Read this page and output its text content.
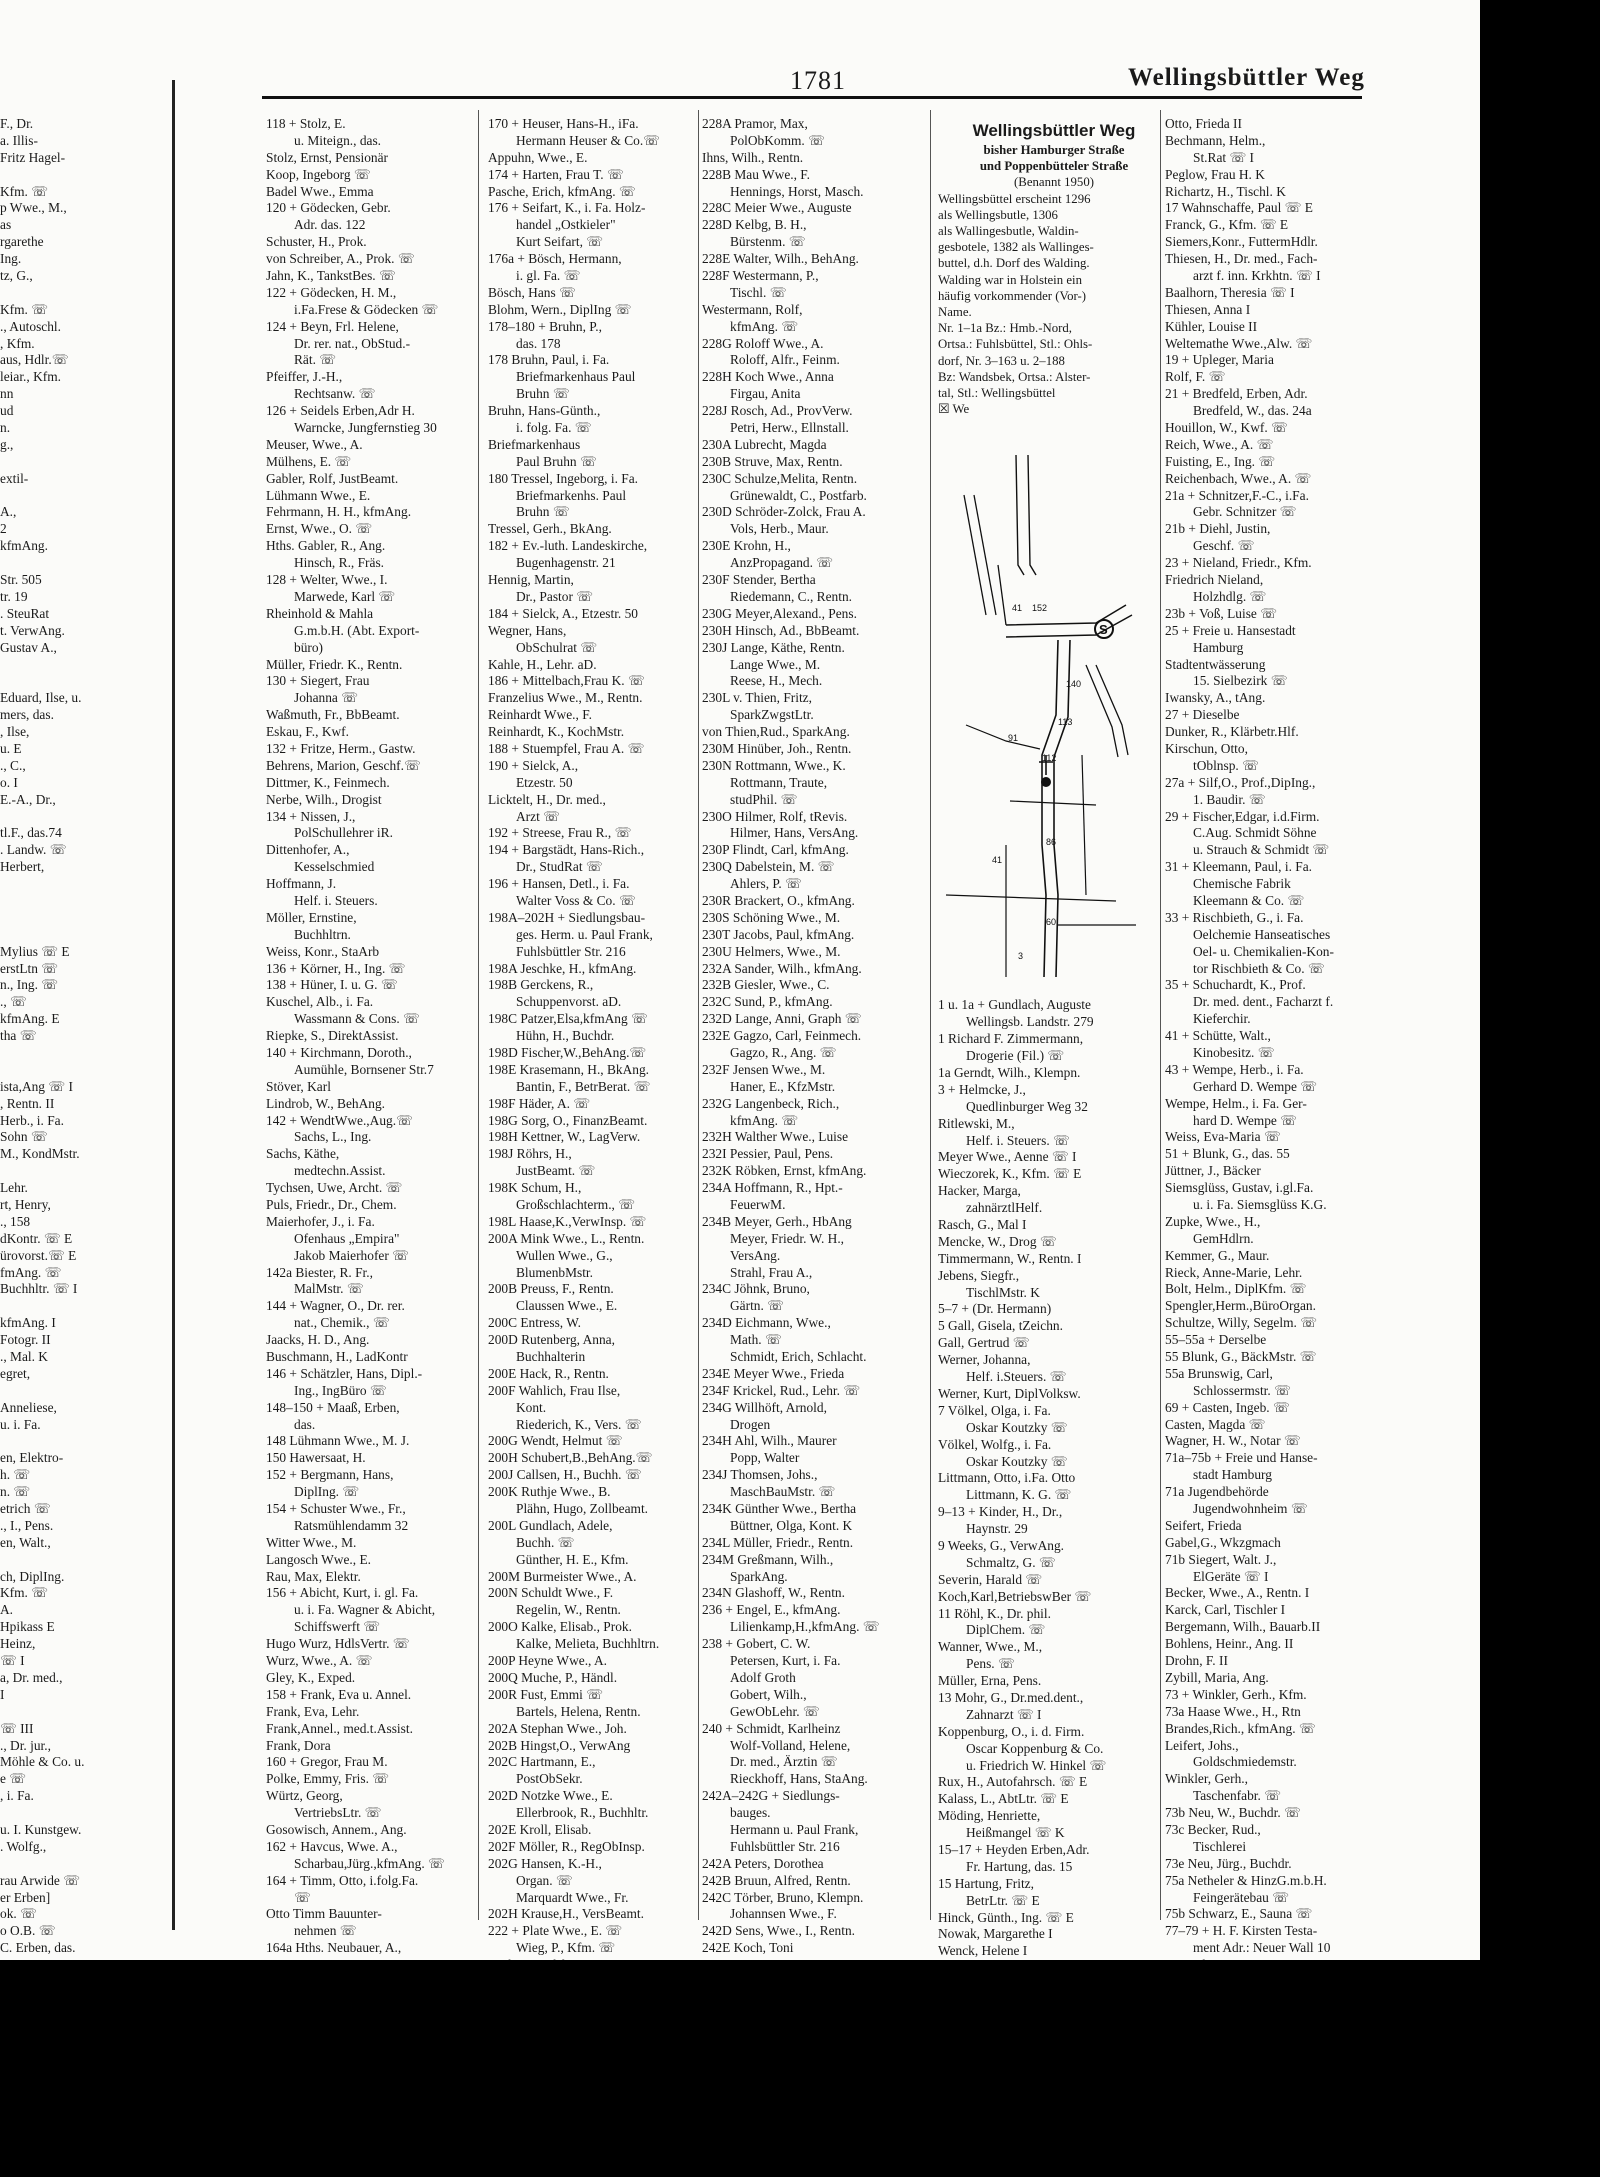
1781	Wellingsbüttler Weg
F., Dr.
a. Illis-
Fritz Hagel-
Kfm. ☏
p Wwe., M.,
as
rgarethe
Ing.
tz, G.,
Kfm. ☏
., Autoschl.
, Kfm.
aus, Hdlr.☏
leiar., Kfm.
nn
ud
n.
g.,
extil-
A.,
2
kfmAng.
Str. 505
tr. 19
. SteuRat
t. VerwAng.
Gustav A.,
Eduard, Ilse, u.
mers, das.
, Ilse,
u. E
., C.,
o. I
E.-A., Dr.,
tl.F., das.74
. Landw. ☏
Herbert,
Mylius ☏ E
erstLtn ☏
n., Ing. ☏
., ☏
kfmAng. E
tha ☏
ista,Ang ☏ I
, Rentn. II
Herb., i. Fa.
Sohn ☏
M., KondMstr.
Lehr.
rt, Henry,
., 158
dKontr. ☏ E
ürovorst.☏ E
fmAng. ☏
Buchhltr. ☏ I
kfmAng. I
Fotogr. II
., Mal. K
egret,
Anneliese,
u. i. Fa.
en, Elektro-
h. ☏
n. ☏
etrich ☏
., I., Pens.
en, Walt.,
ch, DiplIng.
Kfm. ☏
A.
Hpikass E
Heinz,
☏ I
a, Dr. med.,
I
☏ III
., Dr. jur.,
Möhle & Co. u.
e ☏
, i. Fa.
u. I. Kunstgew.
. Wolfg.,
rau Arwide ☏
er Erben]
ok. ☏
o O.B. ☏
C. Erben, das.
118 + Stolz, E.
u. Miteign., das.
Stolz, Ernst, Pensionär
Koop, Ingeborg ☏
Badel Wwe., Emma
120 + Gödecken, Gebr.
Adr. das. 122
Schuster, H., Prok.
von Schreiber, A., Prok. ☏
Jahn, K., TankstBes. ☏
122 + Gödecken, H. M.,
i.Fa.Frese & Gödecken ☏
124 + Beyn, Frl. Helene,
Dr. rer. nat., ObStud.-
Rät. ☏
Pfeiffer, J.-H.,
Rechtsanw. ☏
126 + Seidels Erben,Adr H.
Warncke, Jungfernstieg 30
Meuser, Wwe., A.
Mülhens, E. ☏
Gabler, Rolf, JustBeamt.
Lühmann Wwe., E.
Fehrmann, H. H., kfmAng.
Ernst, Wwe., O. ☏
Hths. Gabler, R., Ang.
Hinsch, R., Fräs.
128 + Welter, Wwe., I.
Marwede, Karl ☏
Rheinhold & Mahla
G.m.b.H. (Abt. Export-
büro)
Müller, Friedr. K., Rentn.
130 + Siegert, Frau
Johanna ☏
Waßmuth, Fr., BbBeamt.
Eskau, F., Kwf.
132 + Fritze, Herm., Gastw.
Behrens, Marion, Geschf.☏
Dittmer, K., Feinmech.
Nerbe, Wilh., Drogist
134 + Nissen, J.,
PolSchullehrer iR.
Dittenhofer, A.,
Kesselschmied
Hoffmann, J.
Helf. i. Steuers.
Möller, Ernstine,
Buchhltrn.
Weiss, Konr., StaArb
136 + Körner, H., Ing. ☏
138 + Hüner, I. u. G. ☏
Kuschel, Alb., i. Fa.
Wassmann & Cons. ☏
Riepke, S., DirektAssist.
140 + Kirchmann, Doroth.,
Aumühle, Bornsener Str.7
Stöver, Karl
Lindrob, W., BehAng.
142 + WendtWwe.,Aug.☏
Sachs, L., Ing.
Sachs, Käthe,
medtechn.Assist.
Tychsen, Uwe, Archt. ☏
Puls, Friedr., Dr., Chem.
Maierhofer, J., i. Fa.
Ofenhaus „Empira"
Jakob Maierhofer ☏
142a Biester, R. Fr.,
MalMstr. ☏
144 + Wagner, O., Dr. rer.
nat., Chemik., ☏
Jaacks, H. D., Ang.
Buschmann, H., LadKontr
146 + Schätzler, Hans, Dipl.-
Ing., IngBüro ☏
148–150 + Maaß, Erben,
das.
148 Lühmann Wwe., M. J.
150 Hawersaat, H.
152 + Bergmann, Hans,
DiplIng. ☏
154 + Schuster Wwe., Fr.,
Ratsmühlendamm 32
Witter Wwe., M.
Langosch Wwe., E.
Rau, Max, Elektr.
156 + Abicht, Kurt, i. gl. Fa.
u. i. Fa. Wagner & Abicht,
Schiffswerft ☏
Hugo Wurz, HdlsVertr. ☏
Wurz, Wwe., A. ☏
Gley, K., Exped.
158 + Frank, Eva u. Annel.
Frank, Eva, Lehr.
Frank,Annel., med.t.Assist.
Frank, Dora
160 + Gregor, Frau M.
Polke, Emmy, Fris. ☏
Würtz, Georg,
VertriebsLtr. ☏
Gosowisch, Annem., Ang.
162 + Havcus, Wwe. A.,
Scharbau,Jürg.,kfmAng. ☏
164 + Timm, Otto, i.folg.Fa.
☏
Otto Timm Bauunter-
nehmen ☏
164a Hths. Neubauer, A.,
170 + Heuser, Hans-H., iFa.
Hermann Heuser & Co.☏
Appuhn, Wwe., E.
174 + Harten, Frau T. ☏
Pasche, Erich, kfmAng. ☏
176 + Seifart, K., i. Fa. Holz-
handel „Ostkieler"
Kurt Seifart, ☏
176a + Bösch, Hermann,
i. gl. Fa. ☏
Bösch, Hans ☏
Blohm, Wern., DiplIng ☏
178–180 + Bruhn, P.,
das. 178
178 Bruhn, Paul, i. Fa.
Briefmarkenhaus Paul
Bruhn ☏
Bruhn, Hans-Günth.,
i. folg. Fa. ☏
Briefmarkenhaus
Paul Bruhn ☏
180 Tressel, Ingeborg, i. Fa.
Briefmarkenhs. Paul
Bruhn ☏
Tressel, Gerh., BkAng.
182 + Ev.-luth. Landeskirche,
Bugenhagenstr. 21
Hennig, Martin,
Dr., Pastor ☏
184 + Sielck, A., Etzestr. 50
Wegner, Hans,
ObSchulrat ☏
Kahle, H., Lehr. aD.
186 + Mittelbach,Frau K. ☏
Franzelius Wwe., M., Rentn.
Reinhardt Wwe., F.
Reinhardt, K., KochMstr.
188 + Stuempfel, Frau A. ☏
190 + Sielck, A.,
Etzestr. 50
Licktelt, H., Dr. med.,
Arzt ☏
192 + Streese, Frau R., ☏
194 + Bargstädt, Hans-Rich.,
Dr., StudRat ☏
196 + Hansen, Detl., i. Fa.
Walter Voss & Co. ☏
198A–202H + Siedlungsbau-
ges. Herm. u. Paul Frank,
Fuhlsbüttler Str. 216
198A Jeschke, H., kfmAng.
198B Gerckens, R.,
Schuppenvorst. aD.
198C Patzer,Elsa,kfmAng ☏
Hühn, H., Buchdr.
198D Fischer,W.,BehAng.☏
198E Krasemann, H., BkAng.
Bantin, F., BetrBerat. ☏
198F Häder, A. ☏
198G Sorg, O., FinanzBeamt.
198H Kettner, W., LagVerw.
198J Röhrs, H.,
JustBeamt. ☏
198K Schum, H.,
Großschlachterm., ☏
198L Haase,K.,VerwInsp. ☏
200A Mink Wwe., L., Rentn.
Wullen Wwe., G.,
BlumenbMstr.
200B Preuss, F., Rentn.
Claussen Wwe., E.
200C Entress, W.
200D Rutenberg, Anna,
Buchhalterin
200E Hack, R., Rentn.
200F Wahlich, Frau Ilse,
Kont.
Riederich, K., Vers. ☏
200G Wendt, Helmut ☏
200H Schubert,B.,BehAng.☏
200J Callsen, H., Buchh. ☏
200K Ruthje Wwe., B.
Plähn, Hugo, Zollbeamt.
200L Gundlach, Adele,
Buchh. ☏
Günther, H. E., Kfm.
200M Burmeister Wwe., A.
200N Schuldt Wwe., F.
Regelin, W., Rentn.
200O Kalke, Elisab., Prok.
Kalke, Melieta, Buchhltrn.
200P Heyne Wwe., A.
200Q Muche, P., Händl.
200R Fust, Emmi ☏
Bartels, Helena, Rentn.
202A Stephan Wwe., Joh.
202B Hingst,O., VerwAng
202C Hartmann, E.,
PostObSekr.
202D Notzke Wwe., E.
Ellerbrook, R., Buchhltr.
202E Kroll, Elisab.
202F Möller, R., RegObInsp.
202G Hansen, K.-H.,
Organ. ☏
Marquardt Wwe., Fr.
202H Krause,H., VersBeamt.
222 + Plate Wwe., E. ☏
Wieg, P., Kfm. ☏
228A Pramor, Max,
PolObKomm. ☏
Ihns, Wilh., Rentn.
228B Mau Wwe., F.
Hennings, Horst, Masch.
228C Meier Wwe., Auguste
228D Kelbg, B. H.,
Bürstenm. ☏
228E Walter, Wilh., BehAng.
228F Westermann, P.,
Tischl. ☏
Westermann, Rolf,
kfmAng. ☏
228G Roloff Wwe., A.
Roloff, Alfr., Feinm.
228H Koch Wwe., Anna
Firgau, Anita
228J Rosch, Ad., ProvVerw.
Petri, Herw., Ellnstall.
230A Lubrecht, Magda
230B Struve, Max, Rentn.
230C Schulze,Melita, Rentn.
Grünewaldt, C., Postfarb.
230D Schröder-Zolck, Frau A.
Vols, Herb., Maur.
230E Krohn, H.,
AnzPropagand. ☏
230F Stender, Bertha
Riedemann, C., Rentn.
230G Meyer,Alexand., Pens.
230H Hinsch, Ad., BbBeamt.
230J Lange, Käthe, Rentn.
Lange Wwe., M.
Reese, H., Mech.
230L v. Thien, Fritz,
SparkZwgstLtr.
von Thien,Rud., SparkAng.
230M Hinüber, Joh., Rentn.
230N Rottmann, Wwe., K.
Rottmann, Traute,
studPhil. ☏
230O Hilmer, Rolf, tRevis.
Hilmer, Hans, VersAng.
230P Flindt, Carl, kfmAng.
230Q Dabelstein, M. ☏
Ahlers, P. ☏
230R Brackert, O., kfmAng.
230S Schöning Wwe., M.
230T Jacobs, Paul, kfmAng.
230U Helmers, Wwe., M.
232A Sander, Wilh., kfmAng.
232B Giesler, Wwe., C.
232C Sund, P., kfmAng.
232D Lange, Anni, Graph ☏
232E Gagzo, Carl, Feinmech.
Gagzo, R., Ang. ☏
232F Jensen Wwe., M.
Haner, E., KfzMstr.
232G Langenbeck, Rich.,
kfmAng. ☏
232H Walther Wwe., Luise
232I Pessier, Paul, Pens.
232K Röbken, Ernst, kfmAng.
234A Hoffmann, R., Hpt.-
FeuerwM.
234B Meyer, Gerh., HbAng
Meyer, Friedr. W. H.,
VersAng.
Strahl, Frau A.,
234C Jöhnk, Bruno,
Gärtn. ☏
234D Eichmann, Wwe.,
Math. ☏
Schmidt, Erich, Schlacht.
234E Meyer Wwe., Frieda
234F Krickel, Rud., Lehr. ☏
234G Willhöft, Arnold,
Drogen
234H Ahl, Wilh., Maurer
Popp, Walter
234J Thomsen, Johs.,
MaschBauMstr. ☏
234K Günther Wwe., Bertha
Büttner, Olga, Kont. K
234L Müller, Friedr., Rentn.
234M Greßmann, Wilh.,
SparkAng.
234N Glashoff, W., Rentn.
236 + Engel, E., kfmAng.
Lilienkamp,H.,kfmAng. ☏
238 + Gobert, C. W.
Petersen, Kurt, i. Fa.
Adolf Groth
Gobert, Wilh.,
GewObLehr. ☏
240 + Schmidt, Karlheinz
Wolf-Volland, Helene,
Dr. med., Ärztin ☏
Rieckhoff, Hans, StaAng.
242A–242G + Siedlungs-
bauges.
Hermann u. Paul Frank,
Fuhlsbüttler Str. 216
242A Peters, Dorothea
242B Bruun, Alfred, Rentn.
242C Törber, Bruno, Klempn.
Johannsen Wwe., F.
242D Sens, Wwe., I., Rentn.
242E Koch, Toni
Wellingsbüttler Weg
bisher Hamburger Straße
und Poppenbütteler Straße
(Benannt 1950)
Wellingsbüttel erscheint 1296
als Wellingsbutle, 1306
als Wallingesbutle, Waldin-
gesbotele, 1382 als Wallinges-
buttel, d.h. Dorf des Walding.
Walding war in Holstein ein
häufig vorkommender (Vor-)
Name.
Nr. 1–1a Bz.: Hmb.-Nord,
Ortsa.: Fuhlsbüttel, Stl.: Ohls-
dorf, Nr. 3–163 u. 2–188
Bz: Wandsbek, Ortsa.: Alster-
tal, Stl.: Wellingsbüttel
☒ We
S
41 152
140
113
112
86
60
41
3
91
1 u. 1a + Gundlach, Auguste
Wellingsb. Landstr. 279
1 Richard F. Zimmermann,
Drogerie (Fil.) ☏
1a Gerndt, Wilh., Klempn.
3 + Helmcke, J.,
Quedlinburger Weg 32
Ritlewski, M.,
Helf. i. Steuers. ☏
Meyer Wwe., Aenne ☏ I
Wieczorek, K., Kfm. ☏ E
Hacker, Marga,
zahnärztlHelf.
Rasch, G., Mal I
Mencke, W., Drog ☏
Timmermann, W., Rentn. I
Jebens, Siegfr.,
TischlMstr. K
5–7 + (Dr. Hermann)
5 Gall, Gisela, tZeichn.
Gall, Gertrud ☏
Werner, Johanna,
Helf. i.Steuers. ☏
Werner, Kurt, DiplVolksw.
7 Völkel, Olga, i. Fa.
Oskar Koutzky ☏
Völkel, Wolfg., i. Fa.
Oskar Koutzky ☏
Littmann, Otto, i.Fa. Otto
Littmann, K. G. ☏
9–13 + Kinder, H., Dr.,
Haynstr. 29
9 Weeks, G., VerwAng.
Schmaltz, G. ☏
Severin, Harald ☏
Koch,Karl,BetriebswBer ☏
11 Röhl, K., Dr. phil.
DiplChem. ☏
Wanner, Wwe., M.,
Pens. ☏
Müller, Erna, Pens.
13 Mohr, G., Dr.med.dent.,
Zahnarzt ☏ I
Koppenburg, O., i. d. Firm.
Oscar Koppenburg & Co.
u. Friedrich W. Hinkel ☏
Rux, H., Autofahrsch. ☏ E
Kalass, L., AbtLtr. ☏ E
Möding, Henriette,
Heißmangel ☏ K
15–17 + Heyden Erben,Adr.
Fr. Hartung, das. 15
15 Hartung, Fritz,
BetrLtr. ☏ E
Hinck, Günth., Ing. ☏ E
Nowak, Margarethe I
Wenck, Helene I
Otto, Frieda II
Bechmann, Helm.,
St.Rat ☏ I
Peglow, Frau H. K
Richartz, H., Tischl. K
17 Wahnschaffe, Paul ☏ E
Franck, G., Kfm. ☏ E
Siemers,Konr., FuttermHdlr.
Thiesen, H., Dr. med., Fach-
arzt f. inn. Krkhtn. ☏ I
Baalhorn, Theresia ☏ I
Thiesen, Anna I
Kühler, Louise II
Weltemathe Wwe.,Alw. ☏
19 + Upleger, Maria
Rolf, F. ☏
21 + Bredfeld, Erben, Adr.
Bredfeld, W., das. 24a
Houillon, W., Kwf. ☏
Reich, Wwe., A. ☏
Fuisting, E., Ing. ☏
Reichenbach, Wwe., A. ☏
21a + Schnitzer,F.-C., i.Fa.
Gebr. Schnitzer ☏
21b + Diehl, Justin,
Geschf. ☏
23 + Nieland, Friedr., Kfm.
Friedrich Nieland,
Holzhdlg. ☏
23b + Voß, Luise ☏
25 + Freie u. Hansestadt
Hamburg
Stadtentwässerung
15. Sielbezirk ☏
Iwansky, A., tAng.
27 + Dieselbe
Dunker, R., Klärbetr.Hlf.
Kirschun, Otto,
tOblnsp. ☏
27a + Silf,O., Prof.,DipIng.,
1. Baudir. ☏
29 + Fischer,Edgar, i.d.Firm.
C.Aug. Schmidt Söhne
u. Strauch & Schmidt ☏
31 + Kleemann, Paul, i. Fa.
Chemische Fabrik
Kleemann & Co. ☏
33 + Rischbieth, G., i. Fa.
Oelchemie Hanseatisches
Oel- u. Chemikalien-Kon-
tor Rischbieth & Co. ☏
35 + Schuchardt, K., Prof.
Dr. med. dent., Facharzt f.
Kieferchir.
41 + Schütte, Walt.,
Kinobesitz. ☏
43 + Wempe, Herb., i. Fa.
Gerhard D. Wempe ☏
Wempe, Helm., i. Fa. Ger-
hard D. Wempe ☏
Weiss, Eva-Maria ☏
51 + Blunk, G., das. 55
Jüttner, J., Bäcker
Siemsglüss, Gustav, i.gl.Fa.
u. i. Fa. Siemsglüss K.G.
Zupke, Wwe., H.,
GemHdlrn.
Kemmer, G., Maur.
Rieck, Anne-Marie, Lehr.
Bolt, Helm., DiplKfm. ☏
Spengler,Herm.,BüroOrgan.
Schultze, Willy, Segelm. ☏
55–55a + Derselbe
55 Blunk, G., BäckMstr. ☏
55a Brunswig, Carl,
Schlossermstr. ☏
69 + Casten, Ingeb. ☏
Casten, Magda ☏
Wagner, H. W., Notar ☏
71a–75b + Freie und Hanse-
stadt Hamburg
71a Jugendbehörde
Jugendwohnheim ☏
Seifert, Frieda
Gabel,G., Wkzgmach
71b Siegert, Walt. J.,
ElGeräte ☏ I
Becker, Wwe., A., Rentn. I
Karck, Carl, Tischler I
Bergemann, Wilh., Bauarb.II
Bohlens, Heinr., Ang. II
Drohn, F. II
Zybill, Maria, Ang.
73 + Winkler, Gerh., Kfm.
73a Haase Wwe., H., Rtn
Brandes,Rich., kfmAng. ☏
Leifert, Johs.,
Goldschmiedemstr.
Winkler, Gerh.,
Taschenfabr. ☏
73b Neu, W., Buchdr. ☏
73c Becker, Rud.,
Tischlerei
73e Neu, Jürg., Buchdr.
75a Netheler & HinzG.m.b.H.
Feingerätebau ☏
75b Schwarz, E., Sauna ☏
77–79 + H. F. Kirsten Testa-
ment Adr.: Neuer Wall 10
